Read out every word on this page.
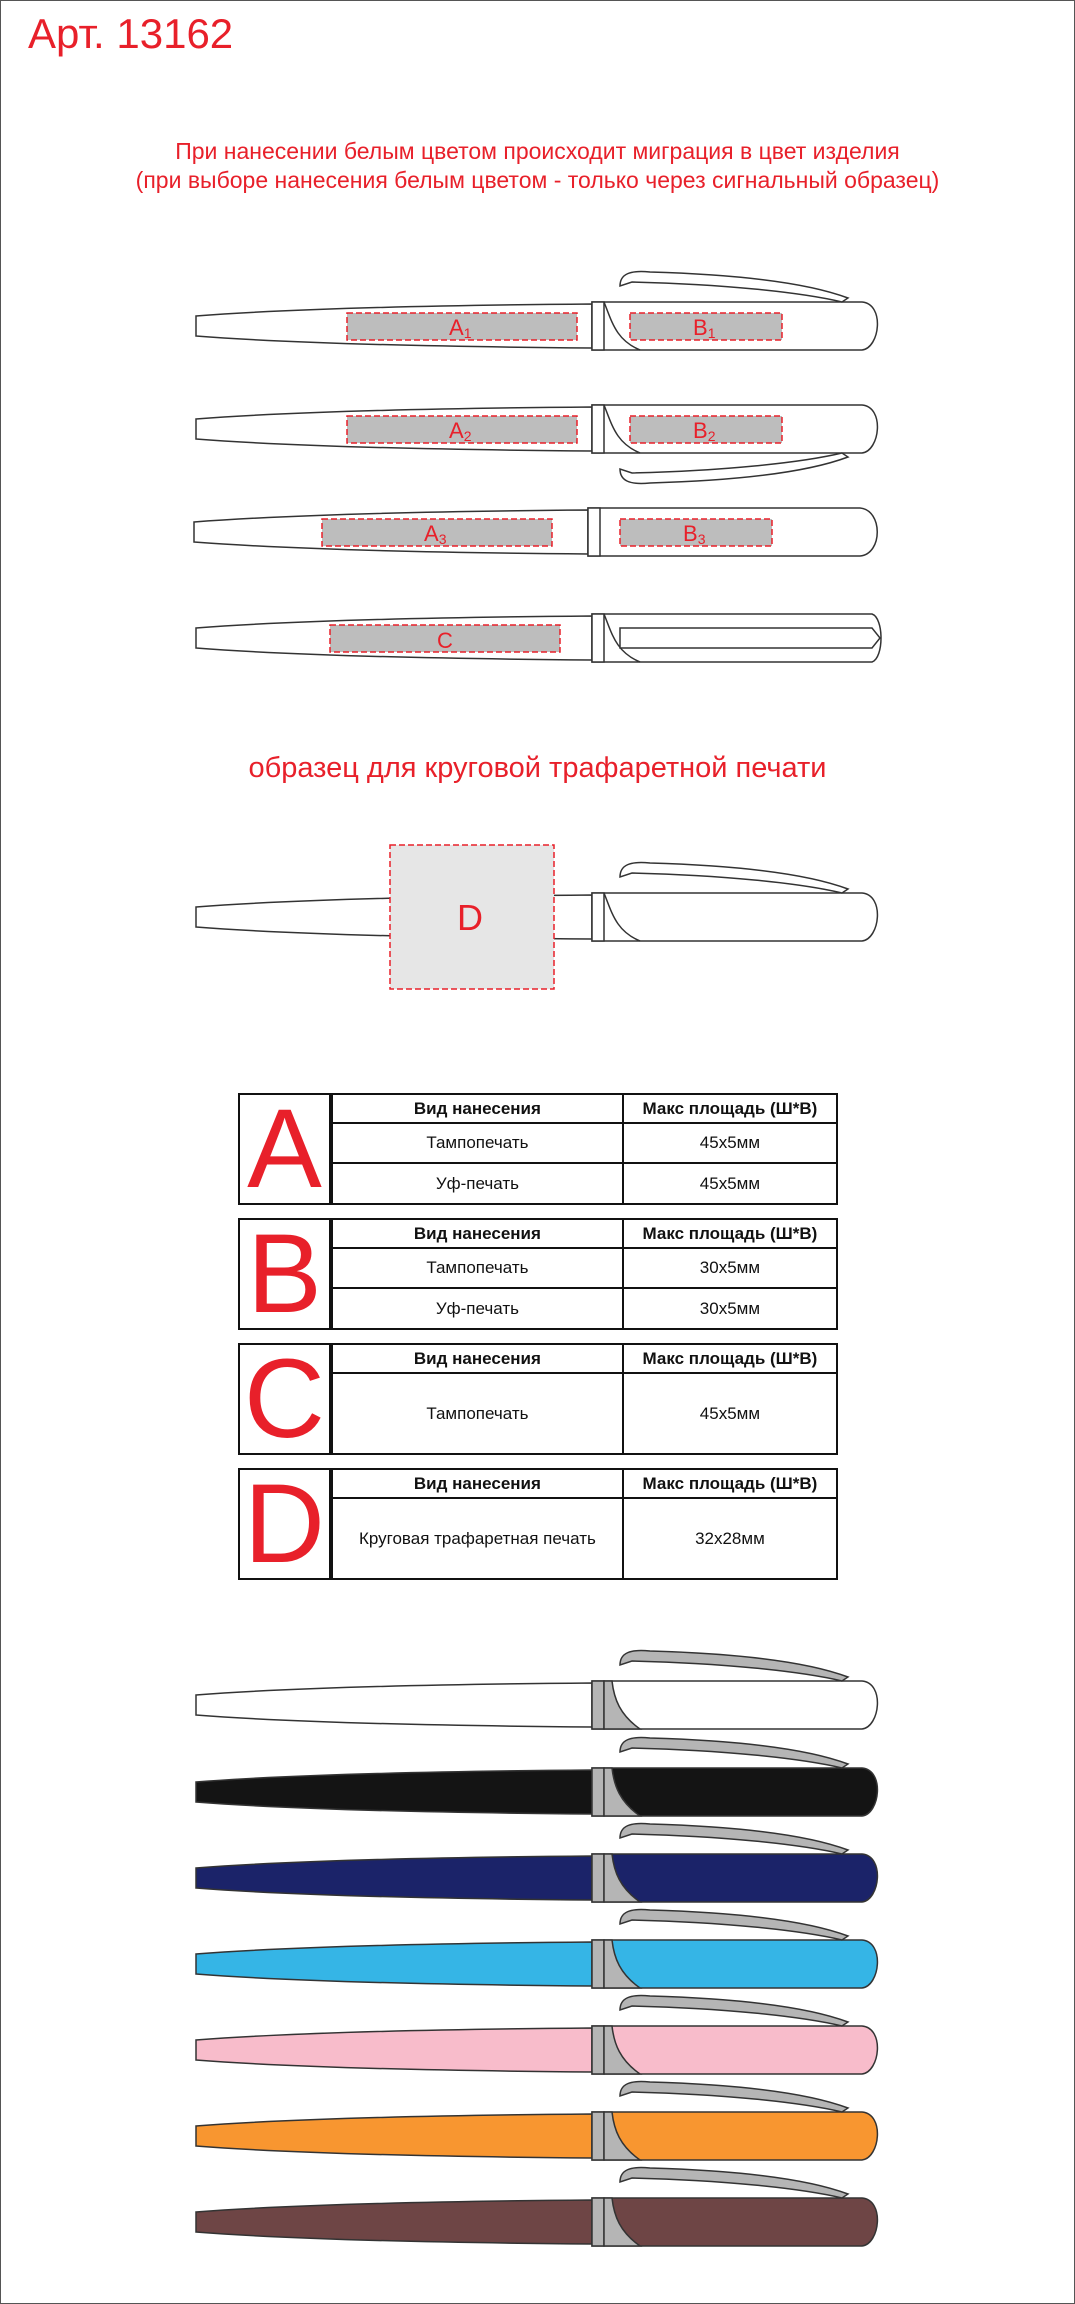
Арт. 13162
При нанесении белым цветом происходит миграция в цвет изделия
(при выборе нанесения белым цветом - только через сигнальный образец)
образец для круговой трафаретной печати
A1	B1
A2	B2
A3	B3
C
D
A	Вид нанесения	Макс площадь (Ш*В)
Тампопечать	45х5мм
Уф-печать	45х5мм
B	Вид нанесения	Макс площадь (Ш*В)
Тампопечать	30х5мм
Уф-печать	30х5мм
C	Вид нанесения	Макс площадь (Ш*В)
Тампопечать	45х5мм
D	Вид нанесения	Макс площадь (Ш*В)
Круговая трафаретная печать	32х28мм
